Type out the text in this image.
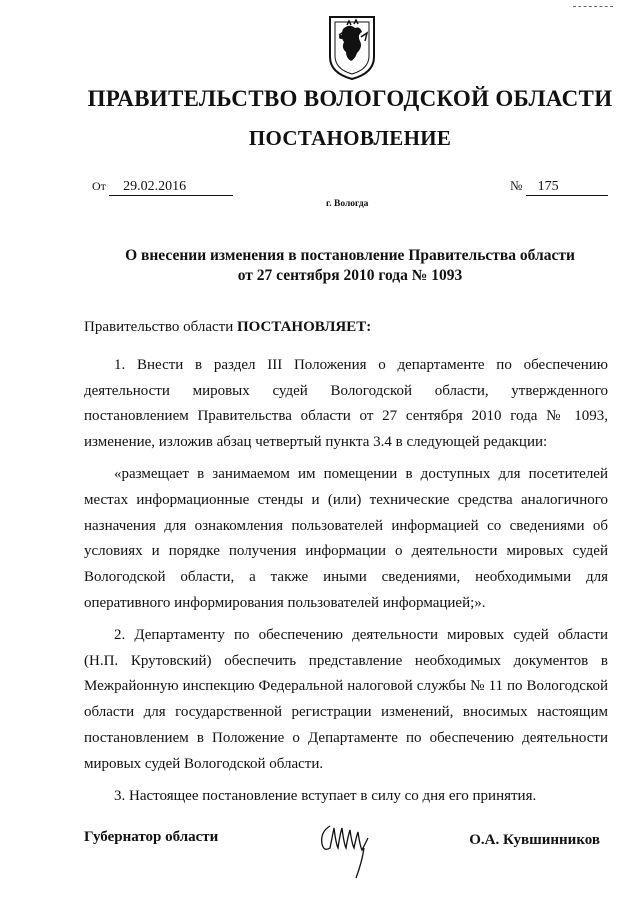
ПРАВИТЕЛЬСТВО ВОЛОГОДСКОЙ ОБЛАСТИ
ПОСТАНОВЛЕНИЕ
От 29.02.2016	№ 175
г. Вологда
О внесении изменения в постановление Правительства области
от 27 сентября 2010 года № 1093

Правительство области ПОСТАНОВЛЯЕТ:

1. Внести в раздел III Положения о департаменте по обеспечению деятельности мировых судей Вологодской области, утвержденного постановлением Правительства области от 27 сентября 2010 года № 1093, изменение, изложив абзац четвертый пункта 3.4 в следующей редакции:

«размещает в занимаемом им помещении в доступных для посетителей местах информационные стенды и (или) технические средства аналогичного назначения для ознакомления пользователей информацией со сведениями об условиях и порядке получения информации о деятельности мировых судей Вологодской области, а также иными сведениями, необходимыми для оперативного информирования пользователей информацией;».

2. Департаменту по обеспечению деятельности мировых судей области (Н.П. Крутовский) обеспечить представление необходимых документов в Межрайонную инспекцию Федеральной налоговой службы № 11 по Вологодской области для государственной регистрации изменений, вносимых настоящим постановлением в Положение о Департаменте по обеспечению деятельности мировых судей Вологодской области.

3. Настоящее постановление вступает в силу со дня его принятия.

Губернатор области	О.А. Кувшинников
